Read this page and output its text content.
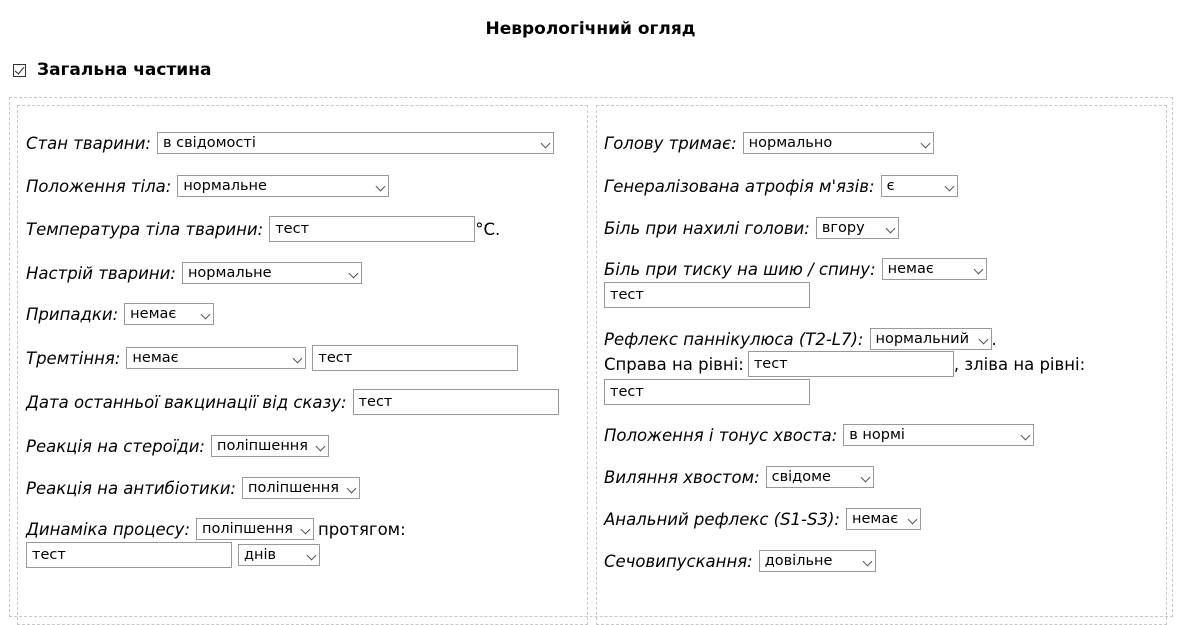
Неврологічний огляд
Загальна частина
Стан тварини: в свідомості
Положення тіла: нормальне
Температура тіла тварини: тест	°C.
Настрій тварини: нормальне
Припадки: немає
Тремтіння: немає	тест
Дата останньої вакцинації від сказу: тест
Реакція на стероїди: поліпшення
Реакція на антибіотики: поліпшення
Динаміка процесу: поліпшення протягом:
тест	днів
Голову тримає: нормально
Генералізована атрофія м'язів: є
Біль при нахилі голови: вгору
Біль при тиску на шию / спину: немає
тест
Рефлекс паннікулюса (T2-L7): нормальний .
Справа на рівні: тест	, зліва на рівні:
тест
Положення і тонус хвоста: в нормі
Виляння хвостом: свідоме
Анальний рефлекс (S1-S3): немає
Сечовипускання: довільне
